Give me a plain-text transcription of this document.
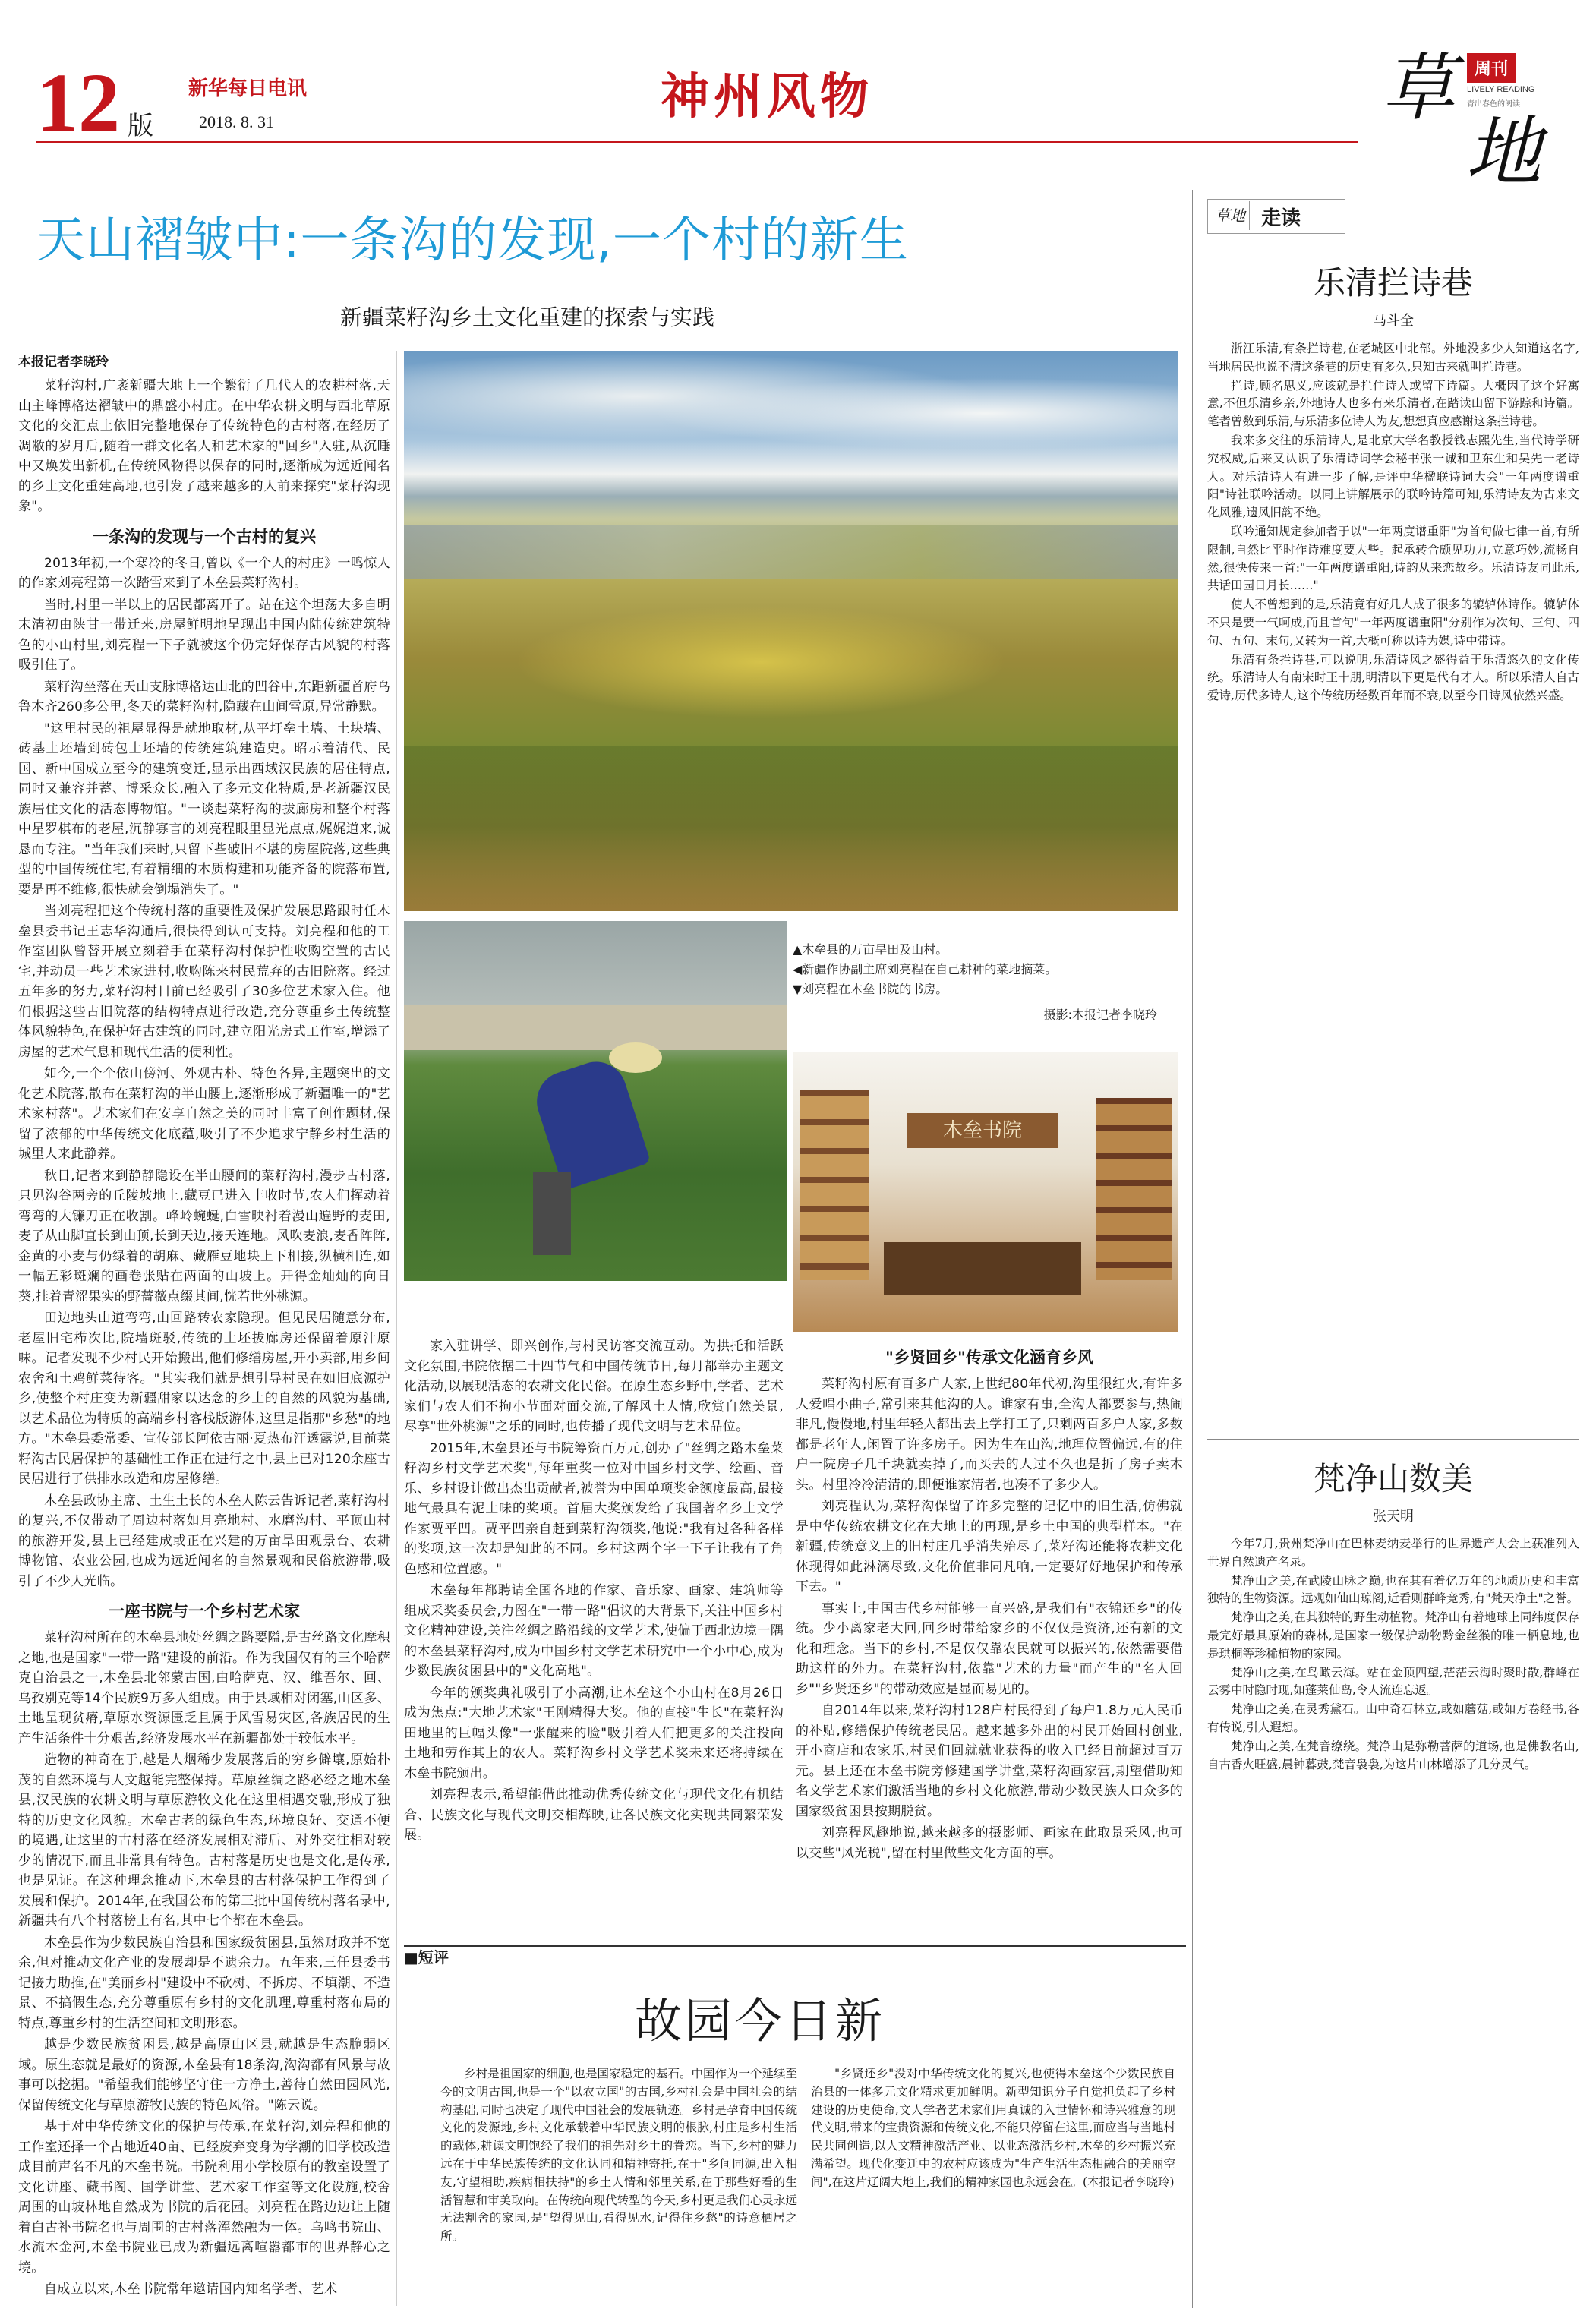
12 版
新华每日电讯
2018. 8. 31	神州风物	草
地
周刊
LIVELY READING
青出春色的阅读
天山褶皱中:一条沟的发现,一个村的新生
新疆菜籽沟乡土文化重建的探索与实践
本报记者李晓玲

菜籽沟村,广袤新疆大地上一个繁衍了几代人的农耕村落,天山主峰博格达褶皱中的鼎盛小村庄。在中华农耕文明与西北草原文化的交汇点上依旧完整地保存了传统特色的古村落,在经历了凋敝的岁月后,随着一群文化名人和艺术家的"回乡"入驻,从沉睡中又焕发出新机,在传统风物得以保存的同时,逐渐成为远近闻名的乡土文化重建高地,也引发了越来越多的人前来探究"菜籽沟现象"。

一条沟的发现与一个古村的复兴

2013年初,一个寒冷的冬日,曾以《一个人的村庄》一鸣惊人的作家刘亮程第一次踏雪来到了木垒县菜籽沟村。

当时,村里一半以上的居民都离开了。站在这个坦荡大多自明末清初由陕甘一带迁来,房屋鲜明地呈现出中国内陆传统建筑特色的小山村里,刘亮程一下子就被这个仍完好保存古风貌的村落吸引住了。

菜籽沟坐落在天山支脉博格达山北的凹谷中,东距新疆首府乌鲁木齐260多公里,冬天的菜籽沟村,隐藏在山间雪原,异常静默。

"这里村民的祖屋显得是就地取材,从平圩垒土墙、土块墙、砖基土坯墙到砖包土坯墙的传统建筑建造史。昭示着清代、民国、新中国成立至今的建筑变迁,显示出西域汉民族的居住特点,同时又兼容并蓄、博采众长,融入了多元文化特质,是老新疆汉民族居住文化的活态博物馆。"一谈起菜籽沟的拔廊房和整个村落中星罗棋布的老屋,沉静寡言的刘亮程眼里显光点点,娓娓道来,诚恳而专注。"当年我们来时,只留下些破旧不堪的房屋院落,这些典型的中国传统住宅,有着精细的木质构建和功能齐备的院落布置,要是再不维修,很快就会倒塌消失了。"

当刘亮程把这个传统村落的重要性及保护发展思路跟时任木垒县委书记王志华沟通后,很快得到认可支持。刘亮程和他的工作室团队曾替开展立刻着手在菜籽沟村保护性收购空置的古民宅,并动员一些艺术家进村,收购陈来村民荒弃的古旧院落。经过五年多的努力,菜籽沟村目前已经吸引了30多位艺术家入住。他们根据这些古旧院落的结构特点进行改造,充分尊重乡土传统整体风貌特色,在保护好古建筑的同时,建立阳光房式工作室,增添了房屋的艺术气息和现代生活的便利性。

如今,一个个依山傍河、外观古朴、特色各异,主题突出的文化艺术院落,散布在菜籽沟的半山腰上,逐渐形成了新疆唯一的"艺术家村落"。艺术家们在安享自然之美的同时丰富了创作题材,保留了浓郁的中华传统文化底蕴,吸引了不少追求宁静乡村生活的城里人来此静养。

秋日,记者来到静静隐设在半山腰间的菜籽沟村,漫步古村落,只见沟谷两旁的丘陵坡地上,藏豆已进入丰收时节,农人们挥动着弯弯的大镰刀正在收割。峰岭蜿蜒,白雪映衬着漫山遍野的麦田,麦子从山脚直长到山顶,长到天边,接天连地。风吹麦浪,麦香阵阵,金黄的小麦与仍绿着的胡麻、藏雁豆地块上下相接,纵横相连,如一幅五彩斑斓的画卷张贴在两面的山坡上。开得金灿灿的向日葵,挂着青涩果实的野薔薇点缀其间,恍若世外桃源。

田边地头山道弯弯,山回路转农家隐现。但见民居随意分布,老屋旧宅栉次比,院墙斑驳,传统的土坯拔廊房还保留着原汁原味。记者发现不少村民开始搬出,他们修缮房屋,开小卖部,用乡间农舍和土鸡鲜菜待客。"其实我们就是想引导村民在如旧底源护乡,使整个村庄变为新疆甜家以达念的乡土的自然的风貌为基础,以艺术品位为特质的高端乡村客栈版游体,这里是指那"乡愁"的地方。"木垒县委常委、宣传部长阿依古丽·夏热布汗透露说,目前菜籽沟古民居保护的基础性工作正在进行之中,县上已对120余座古民居进行了供排水改造和房屋修缮。

木垒县政协主席、土生土长的木垒人陈云告诉记者,菜籽沟村的复兴,不仅带动了周边村落如月亮地村、水磨沟村、平顶山村的旅游开发,县上已经建成或正在兴建的万亩旱田观景台、农耕博物馆、农业公园,也成为远近闻名的自然景观和民俗旅游带,吸引了不少人光临。

一座书院与一个乡村艺术家

菜籽沟村所在的木垒县地处丝绸之路要隘,是古丝路文化摩积之地,也是国家"一带一路"建设的前沿。作为我国仅有的三个哈萨克自治县之一,木垒县北邻蒙古国,由哈萨克、汉、维吾尔、回、乌孜别克等14个民族9万多人组成。由于县域相对闭塞,山区多、土地呈现贫瘠,草原水资源匮乏且属于风雪易灾区,各族居民的生产生活条件十分艰苦,经济发展水平在新疆都处于较低水平。

造物的神奇在于,越是人烟稀少发展落后的穷乡僻壤,原始朴茂的自然环境与人文越能完整保持。草原丝绸之路必经之地木垒县,汉民族的农耕文明与草原游牧文化在这里相遇交融,形成了独特的历史文化风貌。木垒古老的绿色生态,环境良好、交通不便的境遇,让这里的古村落在经济发展相对滞后、对外交往相对较少的情况下,而且非常具有特色。古村落是历史也是文化,是传承,也是见证。在这种理念推动下,木垒县的古村落保护工作得到了发展和保护。2014年,在我国公布的第三批中国传统村落名录中,新疆共有八个村落榜上有名,其中七个都在木垒县。

木垒县作为少数民族自治县和国家级贫困县,虽然财政并不宽余,但对推动文化产业的发展却是不遗余力。五年来,三任县委书记接力助推,在"美丽乡村"建设中不砍树、不拆房、不填潮、不造景、不搞假生态,充分尊重原有乡村的文化肌理,尊重村落布局的特点,尊重乡村的生活空间和文明形态。

越是少数民族贫困县,越是高原山区县,就越是生态脆弱区域。原生态就是最好的资源,木垒县有18条沟,沟沟都有风景与故事可以挖掘。"希望我们能够坚守住一方净土,善待自然田园风光,保留传统文化与草原游牧民族的特色风俗。"陈云说。

基于对中华传统文化的保护与传承,在菜籽沟,刘亮程和他的工作室还择一个占地近40亩、已经废弃变身为学潮的旧学校改造成目前声名不凡的木垒书院。书院利用小学校原有的教室设置了文化讲座、藏书阁、国学讲堂、艺术家工作室等文化设施,校舍周围的山坡林地自然成为书院的后花园。刘亮程在路边边让上随着白古补书院名也与周围的古村落浑然融为一体。乌鸣书院山、水流木金河,木垒书院业已成为新疆远离喧嚣都市的世界静心之境。

自成立以来,木垒书院常年邀请国内知名学者、艺术

▲木垒县的万亩旱田及山村。
◀新疆作协副主席刘亮程在自己耕种的菜地摘菜。
▼刘亮程在木垒书院的书房。
摄影:本报记者李晓玲
木垒书院

家入驻讲学、即兴创作,与村民访客交流互动。为拱托和活跃文化氛围,书院依据二十四节气和中国传统节日,每月都举办主题文化活动,以展现活态的农耕文化民俗。在原生态乡野中,学者、艺术家们与农人们不拘小节面对面交流,了解风土人情,欣赏自然美景,尽享"世外桃源"之乐的同时,也传播了现代文明与艺术品位。

2015年,木垒县还与书院筹资百万元,创办了"丝绸之路木垒菜籽沟乡村文学艺术奖",每年重奖一位对中国乡村文学、绘画、音乐、乡村设计做出杰出贡献者,被誉为中国单项奖金额度最高,最接地气最具有泥土味的奖项。首届大奖颁发给了我国著名乡土文学作家贾平凹。贾平凹亲自赶到菜籽沟领奖,他说:"我有过各种各样的奖项,这一次却是知此的不同。乡村这两个字一下子让我有了角色感和位置感。"

木垒每年都聘请全国各地的作家、音乐家、画家、建筑师等组成采奖委员会,力图在"一带一路"倡议的大背景下,关注中国乡村文化精神建设,关注丝绸之路沿线的文学艺术,使偏于西北边境一隅的木垒县菜籽沟村,成为中国乡村文学艺术研究中一个小中心,成为少数民族贫困县中的"文化高地"。

今年的颁奖典礼吸引了小高潮,让木垒这个小山村在8月26日成为焦点:"大地艺术家"王刚精得大奖。他的直接"生长"在菜籽沟田地里的巨幅头像"一张醒来的脸"吸引着人们把更多的关注投向土地和劳作其上的农人。菜籽沟乡村文学艺术奖未来还将持续在木垒书院颁出。

刘亮程表示,希望能借此推动优秀传统文化与现代文化有机结合、民族文化与现代文明交相辉映,让各民族文化实现共同繁荣发展。

"乡贤回乡"传承文化涵育乡风

菜籽沟村原有百多户人家,上世纪80年代初,沟里很红火,有许多人爱唱小曲子,常引来其他沟的人。谁家有事,全沟人都要参与,热闹非凡,慢慢地,村里年轻人都出去上学打工了,只剩两百多户人家,多数都是老年人,闲置了许多房子。因为生在山沟,地理位置偏远,有的住户一院房子几千块就卖掉了,而买去的人过不久也是折了房子卖木头。村里冷冷清清的,即便谁家清者,也凑不了多少人。

刘亮程认为,菜籽沟保留了许多完整的记忆中的旧生活,仿佛就是中华传统农耕文化在大地上的再现,是乡土中国的典型样本。"在新疆,传统意义上的旧村庄几乎消失殆尽了,菜籽沟还能将农耕文化体现得如此淋漓尽致,文化价值非同凡响,一定要好好地保护和传承下去。"

事实上,中国古代乡村能够一直兴盛,是我们有"衣锦还乡"的传统。少小离家老大回,回乡时带给家乡的不仅仅是资济,还有新的文化和理念。当下的乡村,不是仅仅靠农民就可以振兴的,依然需要借助这样的外力。在菜籽沟村,依靠"艺术的力量"而产生的"名人回乡""乡贤还乡"的带动效应是显而易见的。

自2014年以来,菜籽沟村128户村民得到了每户1.8万元人民币的补贴,修缮保护传统老民居。越来越多外出的村民开始回村创业,开小商店和农家乐,村民们回就就业获得的收入已经日前超过百万元。县上还在木垒书院旁修建国学讲堂,菜籽沟画家营,期望借助知名文学艺术家们激活当地的乡村文化旅游,带动少数民族人口众多的国家级贫困县按期脱贫。

刘亮程风趣地说,越来越多的摄影师、画家在此取景采风,也可以交些"风光税",留在村里做些文化方面的事。

■短评
故园今日新

乡村是祖国家的细胞,也是国家稳定的基石。中国作为一个延续至今的文明古国,也是一个"以农立国"的古国,乡村社会是中国社会的结构基础,同时也决定了现代中国社会的发展轨迹。乡村是孕育中国传统文化的发源地,乡村文化承载着中华民族文明的根脉,村庄是乡村生活的载体,耕读文明饱经了我们的祖先对乡土的眷恋。当下,乡村的魅力远在于中华民族传统的文化认同和精神寄托,在于"乡间同源,出入相友,守望相助,疾病相扶持"的乡土人情和邻里关系,在于那些好看的生活智慧和审美取向。在传统向现代转型的今天,乡村更是我们心灵永远无法割舍的家园,是"望得见山,看得见水,记得住乡愁"的诗意栖居之所。

"乡贤还乡"没对中华传统文化的复兴,也使得木垒这个少数民族自治县的一体多元文化精求更加鲜明。新型知识分子自觉担负起了乡村建设的历史使命,文人学者艺术家们用真诚的入世情怀和诗兴雅意的现代文明,带来的宝贵资源和传统文化,不能只停留在这里,而应当与当地村民共同创造,以人文精神激活产业、以业态激活乡村,木垒的乡村振兴充满希望。现代化变迁中的农村应该成为"生产生活生态相融合的美丽空间",在这片辽阔大地上,我们的精神家园也永远会在。(本报记者李晓玲)

草地 走读
乐清拦诗巷
马斗全

浙江乐清,有条拦诗巷,在老城区中北部。外地没多少人知道这名字,当地居民也说不清这条巷的历史有多久,只知古来就叫拦诗巷。

拦诗,顾名思义,应该就是拦住诗人或留下诗篇。大概因了这个好寓意,不但乐清乡亲,外地诗人也多有来乐清者,在踏读山留下游踪和诗篇。笔者曾数到乐清,与乐清多位诗人为友,想想真应感谢这条拦诗巷。

我来多交往的乐清诗人,是北京大学名教授钱志熙先生,当代诗学研究权威,后来又认识了乐清诗词学会秘书张一诚和卫东生和吴先一老诗人。对乐清诗人有进一步了解,是评中华楹联诗词大会"一年两度谱重阳"诗社联吟活动。以同上讲解展示的联吟诗篇可知,乐清诗友为古来文化风雅,遗风旧韵不绝。

联吟通知规定参加者于以"一年两度谱重阳"为首句做七律一首,有所限制,自然比平时作诗难度要大些。起承转合颇见功力,立意巧妙,流畅自然,很快传来一首:"一年两度谱重阳,诗韵从来恋故乡。乐清诗友同此乐,共话田园日月长……"

使人不曾想到的是,乐清竟有好几人成了很多的辘轳体诗作。辘轳体不只是要一气呵成,而且首句"一年两度谱重阳"分别作为次句、三句、四句、五句、末句,又转为一首,大概可称以诗为媒,诗中带诗。

乐清有条拦诗巷,可以说明,乐清诗风之盛得益于乐清悠久的文化传统。乐清诗人有南宋时王十朋,明清以下更是代有才人。所以乐清人自古爱诗,历代多诗人,这个传统历经数百年而不衰,以至今日诗风依然兴盛。

梵净山数美
张天明

今年7月,贵州梵净山在巴林麦纳麦举行的世界遗产大会上获准列入世界自然遗产名录。

梵净山之美,在武陵山脉之巅,也在其有着亿万年的地质历史和丰富独特的生物资源。远观如仙山琼阁,近看则群峰竞秀,有"梵天净土"之誉。

梵净山之美,在其独特的野生动植物。梵净山有着地球上同纬度保存最完好最具原始的森林,是国家一级保护动物黔金丝猴的唯一栖息地,也是珙桐等珍稀植物的家园。

梵净山之美,在鸟瞰云海。站在金顶四望,茫茫云海时聚时散,群峰在云雾中时隐时现,如蓬莱仙岛,令人流连忘返。

梵净山之美,在灵秀黛石。山中奇石林立,或如蘑菇,或如万卷经书,各有传说,引人遐想。

梵净山之美,在梵音缭绕。梵净山是弥勒菩萨的道场,也是佛教名山,自古香火旺盛,晨钟暮鼓,梵音袅袅,为这片山林增添了几分灵气。
